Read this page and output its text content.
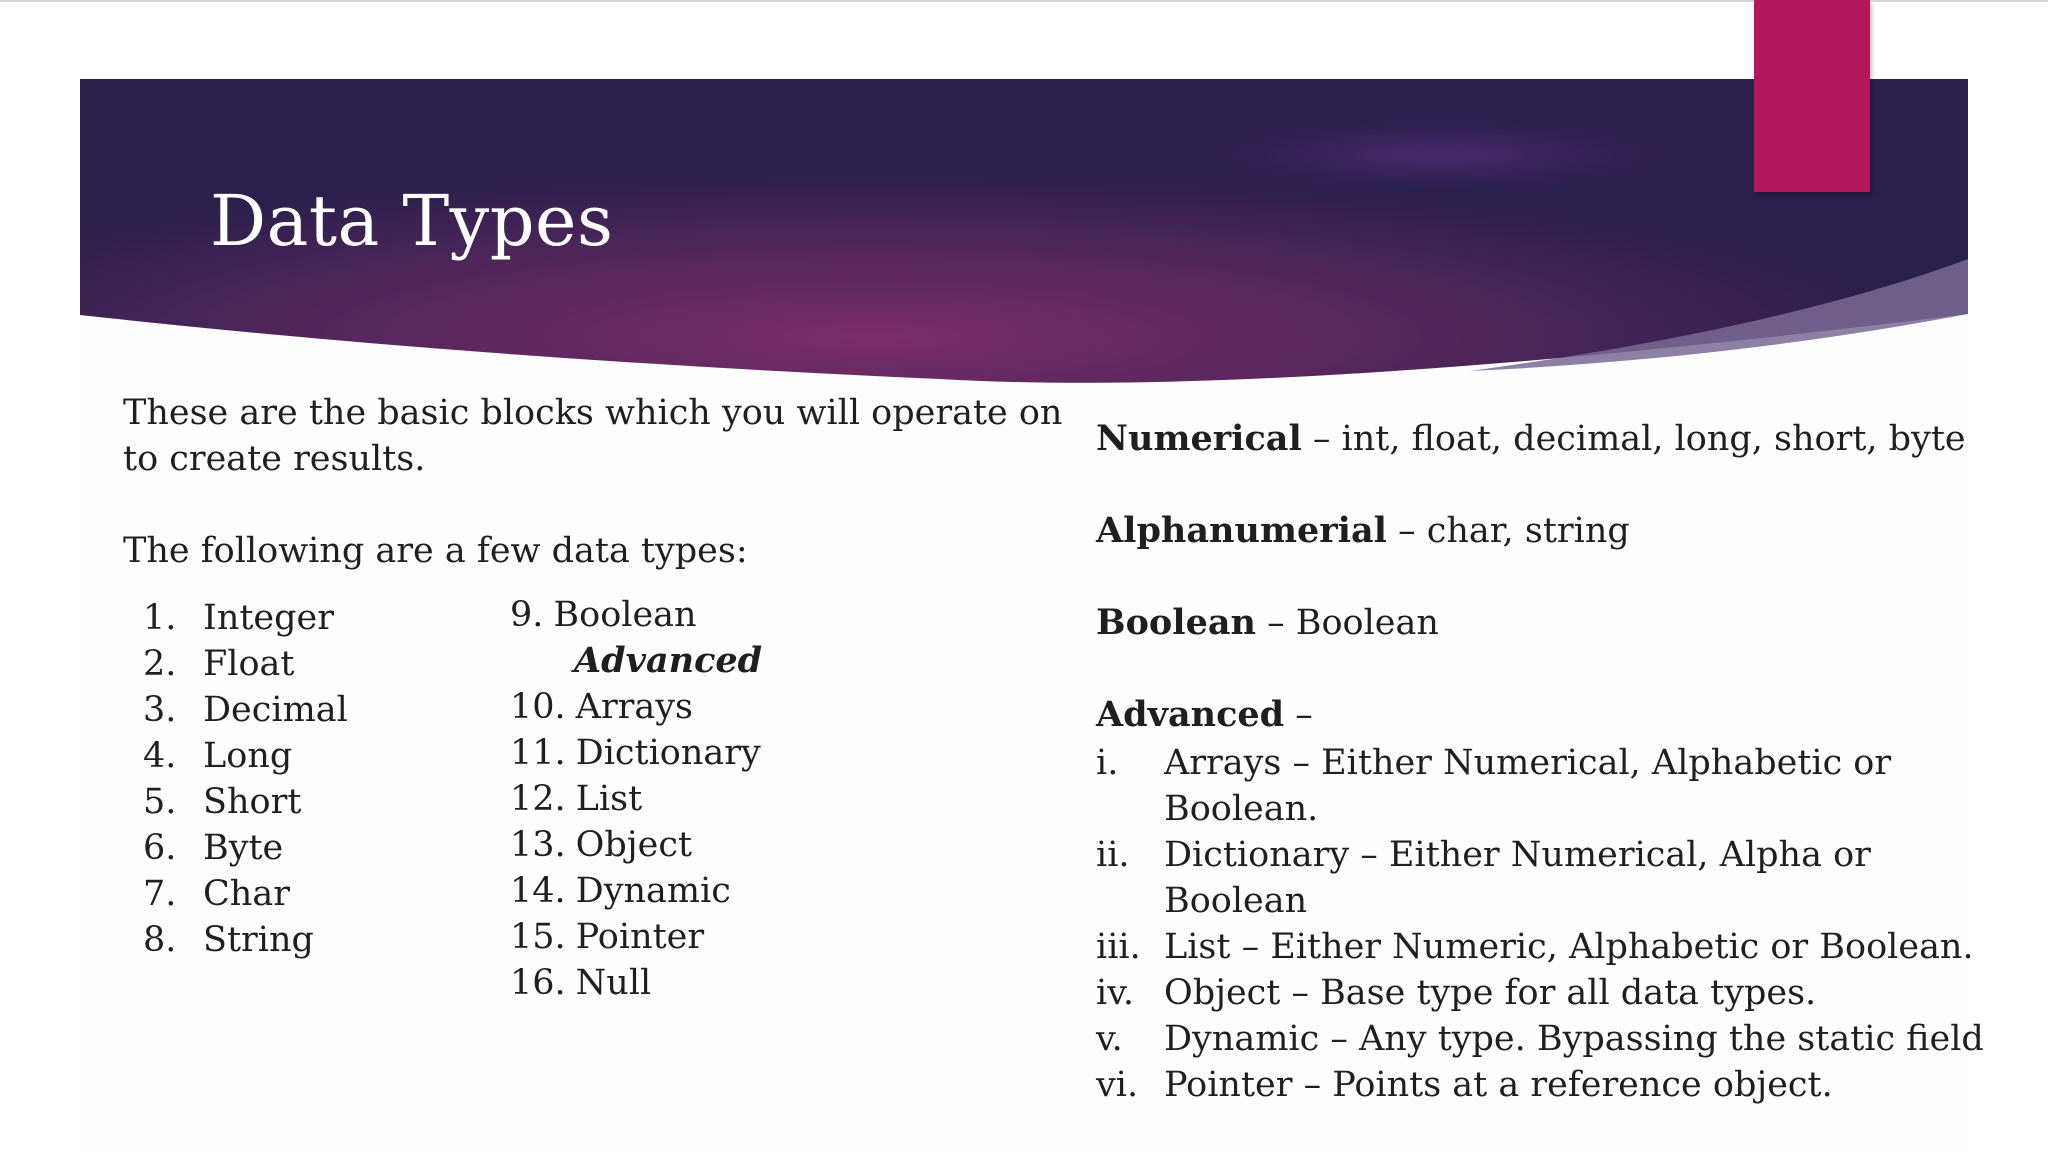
Data Types
These are the basic blocks which you will operate on
to create results.
The following are a few data types:
1. Integer
2. Float
3. Decimal
4. Long
5. Short
6. Byte
7. Char
8. String
9. Boolean
Advanced
10. Arrays
11. Dictionary
12. List
13. Object
14. Dynamic
15. Pointer
16. Null
Numerical – int, float, decimal, long, short, byte
Alphanumerial – char, string
Boolean – Boolean
Advanced –
i.	Arrays – Either Numerical, Alphabetic or Boolean.
ii. Dictionary – Either Numerical, Alpha or Boolean
iii. List – Either Numeric, Alphabetic or Boolean.
iv. Object – Base type for all data types.
v.	Dynamic – Any type. Bypassing the static field
vi. Pointer – Points at a reference object.
